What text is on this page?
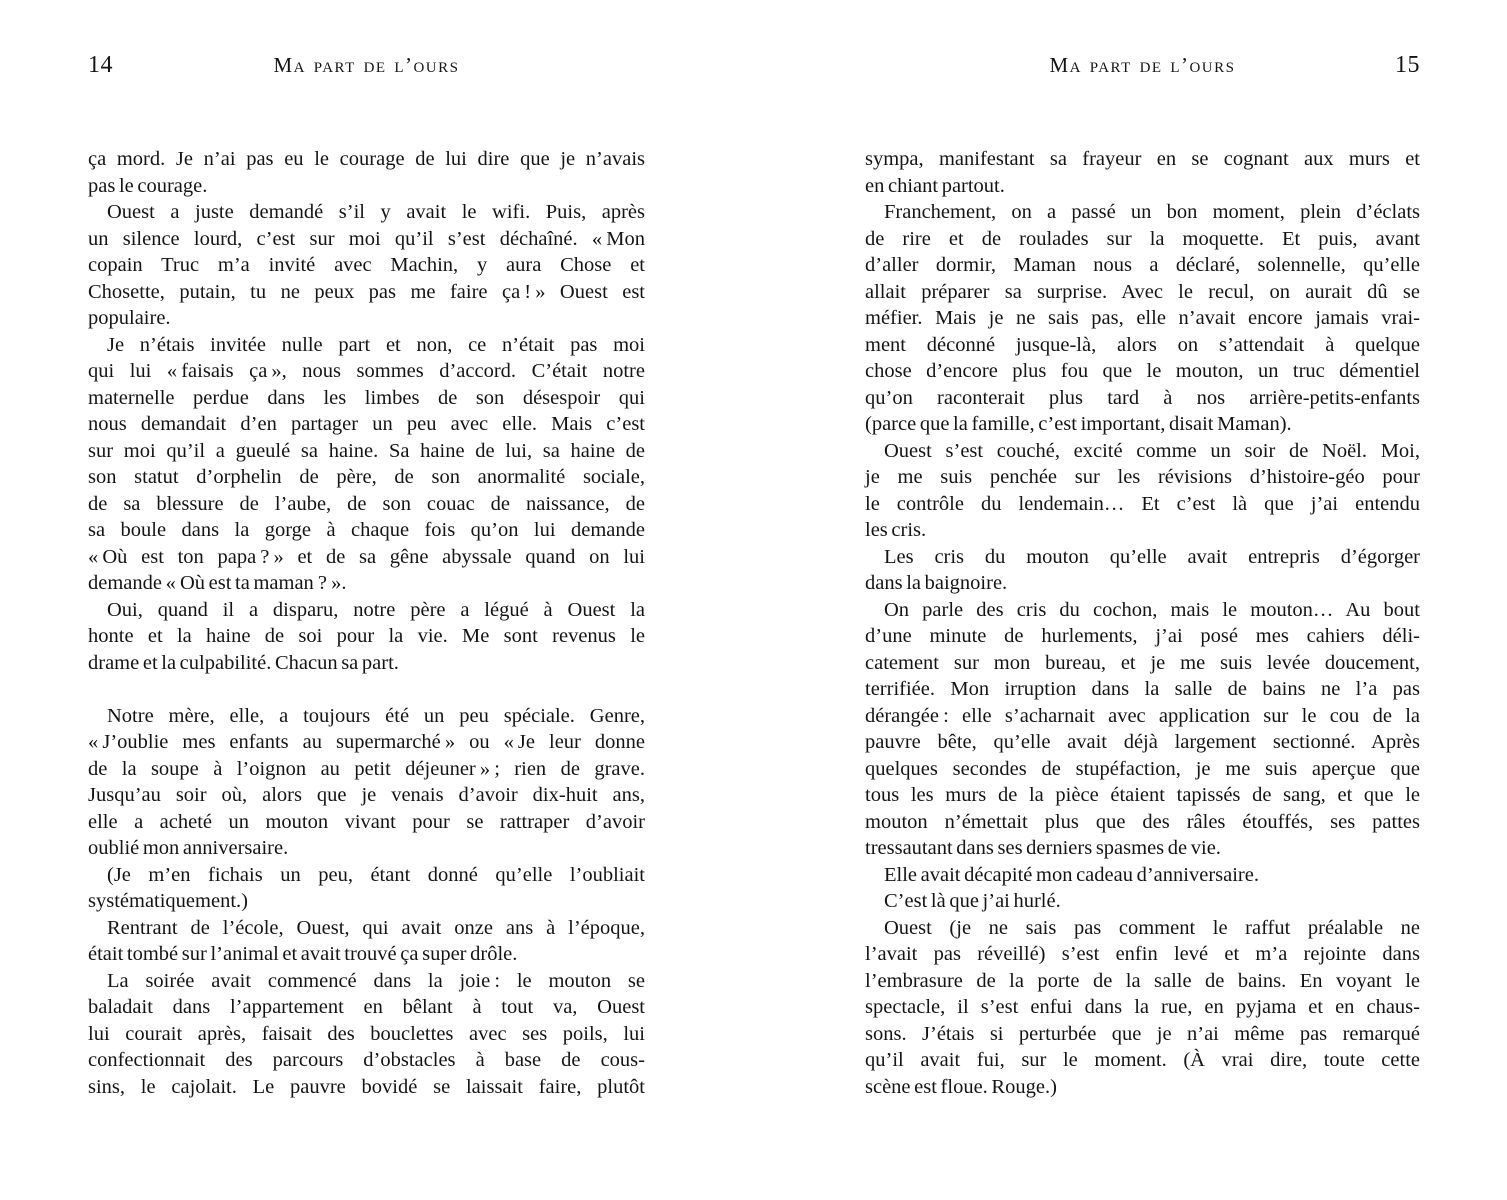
14	Ma part de l’ours
ça mord. Je n’ai pas eu le courage de lui dire que je n’avais
pas le courage.
Ouest a juste demandé s’il y avait le wifi. Puis, après
un silence lourd, c’est sur moi qu’il s’est déchaîné. « Mon
copain Truc m’a invité avec Machin, y aura Chose et
Chosette, putain, tu ne peux pas me faire ça ! » Ouest est
populaire.
Je n’étais invitée nulle part et non, ce n’était pas moi
qui lui « faisais ça », nous sommes d’accord. C’était notre
maternelle perdue dans les limbes de son désespoir qui
nous demandait d’en partager un peu avec elle. Mais c’est
sur moi qu’il a gueulé sa haine. Sa haine de lui, sa haine de
son statut d’orphelin de père, de son anormalité sociale,
de sa blessure de l’aube, de son couac de naissance, de
sa boule dans la gorge à chaque fois qu’on lui demande
« Où est ton papa ? » et de sa gêne abyssale quand on lui
demande « Où est ta maman ? ».
Oui, quand il a disparu, notre père a légué à Ouest la
honte et la haine de soi pour la vie. Me sont revenus le
drame et la culpabilité. Chacun sa part.
Notre mère, elle, a toujours été un peu spéciale. Genre,
« J’oublie mes enfants au supermarché » ou « Je leur donne
de la soupe à l’oignon au petit déjeuner » ; rien de grave.
Jusqu’au soir où, alors que je venais d’avoir dix-huit ans,
elle a acheté un mouton vivant pour se rattraper d’avoir
oublié mon anniversaire.
(Je m’en fichais un peu, étant donné qu’elle l’oubliait
systématiquement.)
Rentrant de l’école, Ouest, qui avait onze ans à l’époque,
était tombé sur l’animal et avait trouvé ça super drôle.
La soirée avait commencé dans la joie : le mouton se
baladait dans l’appartement en bêlant à tout va, Ouest
lui courait après, faisait des bouclettes avec ses poils, lui
confectionnait des parcours d’obstacles à base de cous-
sins, le cajolait. Le pauvre bovidé se laissait faire, plutôt
Ma part de l’ours	15
sympa, manifestant sa frayeur en se cognant aux murs et
en chiant partout.
Franchement, on a passé un bon moment, plein d’éclats
de rire et de roulades sur la moquette. Et puis, avant
d’aller dormir, Maman nous a déclaré, solennelle, qu’elle
allait préparer sa surprise. Avec le recul, on aurait dû se
méfier. Mais je ne sais pas, elle n’avait encore jamais vrai-
ment déconné jusque-là, alors on s’attendait à quelque
chose d’encore plus fou que le mouton, un truc démentiel
qu’on raconterait plus tard à nos arrière-petits-enfants
(parce que la famille, c’est important, disait Maman).
Ouest s’est couché, excité comme un soir de Noël. Moi,
je me suis penchée sur les révisions d’histoire-géo pour
le contrôle du lendemain… Et c’est là que j’ai entendu
les cris.
Les cris du mouton qu’elle avait entrepris d’égorger
dans la baignoire.
On parle des cris du cochon, mais le mouton… Au bout
d’une minute de hurlements, j’ai posé mes cahiers déli-
catement sur mon bureau, et je me suis levée doucement,
terrifiée. Mon irruption dans la salle de bains ne l’a pas
dérangée : elle s’acharnait avec application sur le cou de la
pauvre bête, qu’elle avait déjà largement sectionné. Après
quelques secondes de stupéfaction, je me suis aperçue que
tous les murs de la pièce étaient tapissés de sang, et que le
mouton n’émettait plus que des râles étouffés, ses pattes
tressautant dans ses derniers spasmes de vie.
Elle avait décapité mon cadeau d’anniversaire.
C’est là que j’ai hurlé.
Ouest (je ne sais pas comment le raffut préalable ne
l’avait pas réveillé) s’est enfin levé et m’a rejointe dans
l’embrasure de la porte de la salle de bains. En voyant le
spectacle, il s’est enfui dans la rue, en pyjama et en chaus-
sons. J’étais si perturbée que je n’ai même pas remarqué
qu’il avait fui, sur le moment. (À vrai dire, toute cette
scène est floue. Rouge.)
